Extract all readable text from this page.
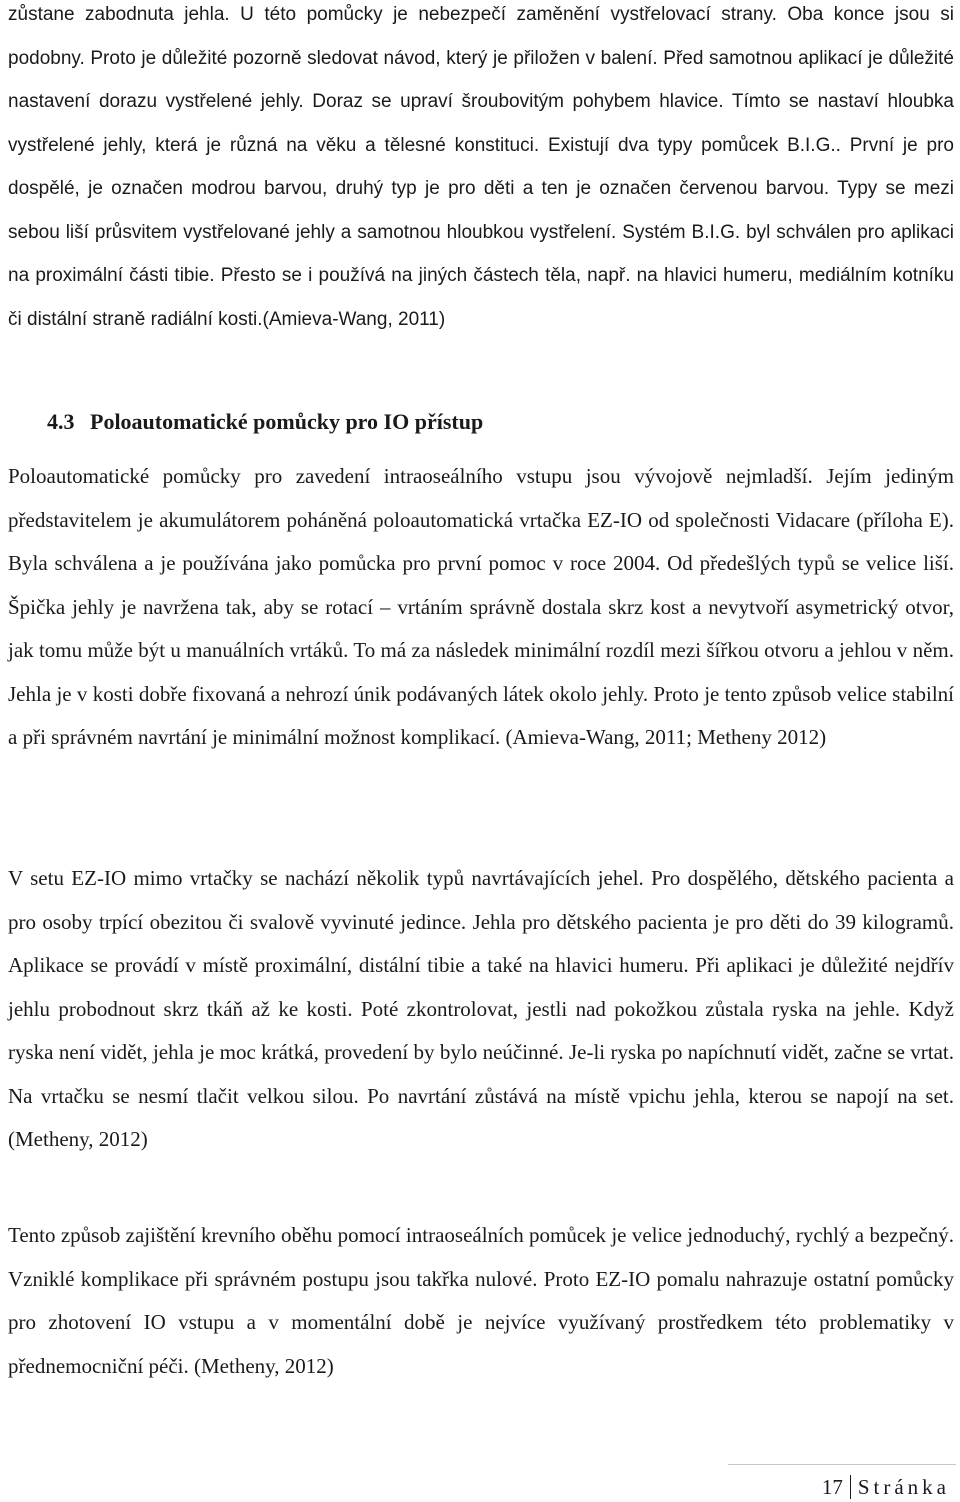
zůstane zabodnuta jehla. U této pomůcky je nebezpečí zaměnění vystřelovací strany. Oba konce jsou si podobny. Proto je důležité pozorně sledovat návod, který je přiložen v balení. Před samotnou aplikací je důležité nastavení dorazu vystřelené jehly. Doraz se upraví šroubovitým pohybem hlavice. Tímto se nastaví hloubka vystřelené jehly, která je různá na věku a tělesné konstituci. Existují dva typy pomůcek B.I.G.. První je pro dospělé, je označen modrou barvou, druhý typ je pro děti a ten je označen červenou barvou. Typy se mezi sebou liší průsvitem vystřelované jehly a samotnou hloubkou vystřelení. Systém B.I.G. byl schválen pro aplikaci na proximální části tibie. Přesto se i používá na jiných částech těla, např. na hlavici humeru, mediálním kotníku či distální straně radiální kosti.(Amieva-Wang, 2011)
4.3 Poloautomatické pomůcky pro IO přístup
Poloautomatické pomůcky pro zavedení intraoseálního vstupu jsou vývojově nejmladší. Jejím jediným představitelem je akumulátorem poháněná poloautomatická vrtačka EZ-IO od společnosti Vidacare (příloha E). Byla schválena a je používána jako pomůcka pro první pomoc v roce 2004. Od předešlých typů se velice liší. Špička jehly je navržena tak, aby se rotací – vrtáním správně dostala skrz kost a nevytvoří asymetrický otvor, jak tomu může být u manuálních vrtáků. To má za následek minimální rozdíl mezi šířkou otvoru a jehlou v něm. Jehla je v kosti dobře fixovaná a nehrozí únik podávaných látek okolo jehly. Proto je tento způsob velice stabilní a při správném navrtání je minimální možnost komplikací. (Amieva-Wang, 2011; Metheny 2012)
V setu EZ-IO mimo vrtačky se nachází několik typů navrtávajících jehel. Pro dospělého, dětského pacienta a pro osoby trpící obezitou či svalově vyvinuté jedince. Jehla pro dětského pacienta je pro děti do 39 kilogramů. Aplikace se provádí v místě proximální, distální tibie a také na hlavici humeru. Při aplikaci je důležité nejdřív jehlu probodnout skrz tkáň až ke kosti. Poté zkontrolovat, jestli nad pokožkou zůstala ryska na jehle. Když ryska není vidět, jehla je moc krátká, provedení by bylo neúčinné. Je-li ryska po napíchnutí vidět, začne se vrtat. Na vrtačku se nesmí tlačit velkou silou. Po navrtání zůstává na místě vpichu jehla, kterou se napojí na set. (Metheny, 2012)
Tento způsob zajištění krevního oběhu pomocí intraoseálních pomůcek je velice jednoduchý, rychlý a bezpečný. Vzniklé komplikace při správném postupu jsou takřka nulové. Proto EZ-IO pomalu nahrazuje ostatní pomůcky pro zhotovení IO vstupu a v momentální době je nejvíce využívaný prostředkem této problematiky v přednemocniční péči. (Metheny, 2012)
17 Stránka
